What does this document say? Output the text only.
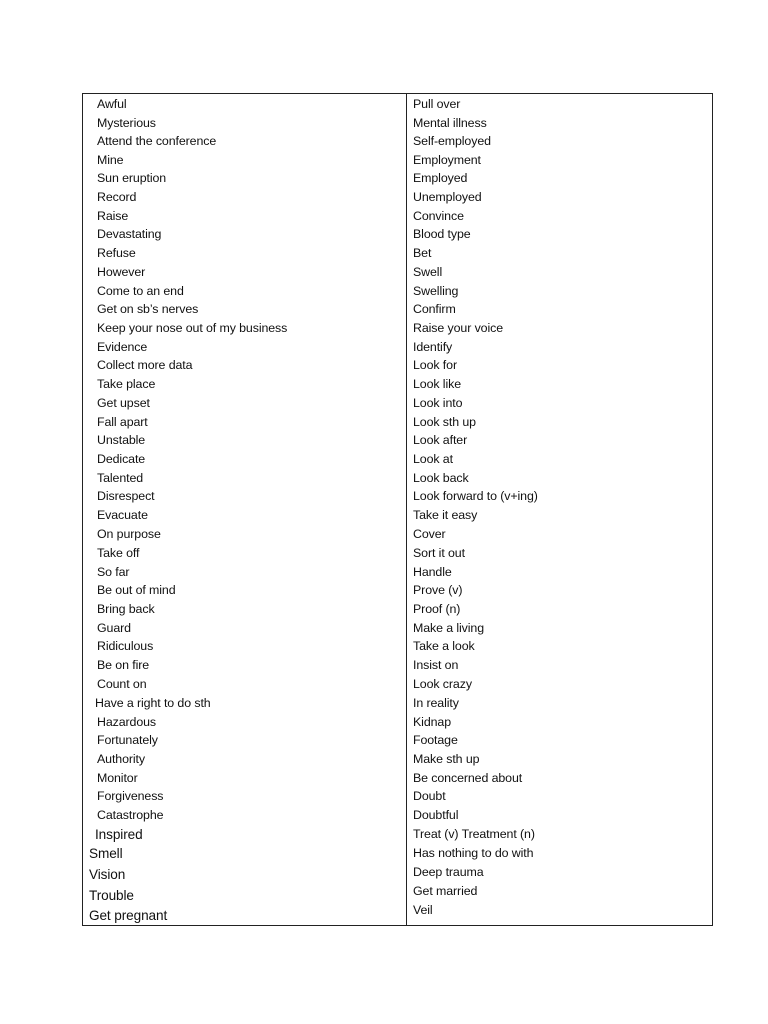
Awful
Mysterious
Attend the conference
Mine
Sun eruption
Record
Raise
Devastating
Refuse
However
Come to an end
Get on sb’s nerves
Keep your nose out of my business
Evidence
Collect more data
Take place
Get upset
Fall apart
Unstable
Dedicate
Talented
Disrespect
Evacuate
On purpose
Take off
So far
Be out of mind
Bring back
Guard
Ridiculous
Be on fire
Count on
Have a right to do sth
Hazardous
Fortunately
Authority
Monitor
Forgiveness
Catastrophe
Inspired
Smell
Vision
Trouble
Get pregnant
Pull over
Mental illness
Self-employed
Employment
Employed
Unemployed
Convince
Blood type
Bet
Swell
Swelling
Confirm
Raise your voice
Identify
Look for
Look like
Look into
Look sth up
Look after
Look at
Look back
Look forward to (v+ing)
Take it easy
Cover
Sort it out
Handle
Prove (v)
Proof (n)
Make a living
Take a look
Insist on
Look crazy
In reality
Kidnap
Footage
Make sth up
Be concerned about
Doubt
Doubtful
Treat (v) Treatment (n)
Has nothing to do with
Deep trauma
Get married
Veil
